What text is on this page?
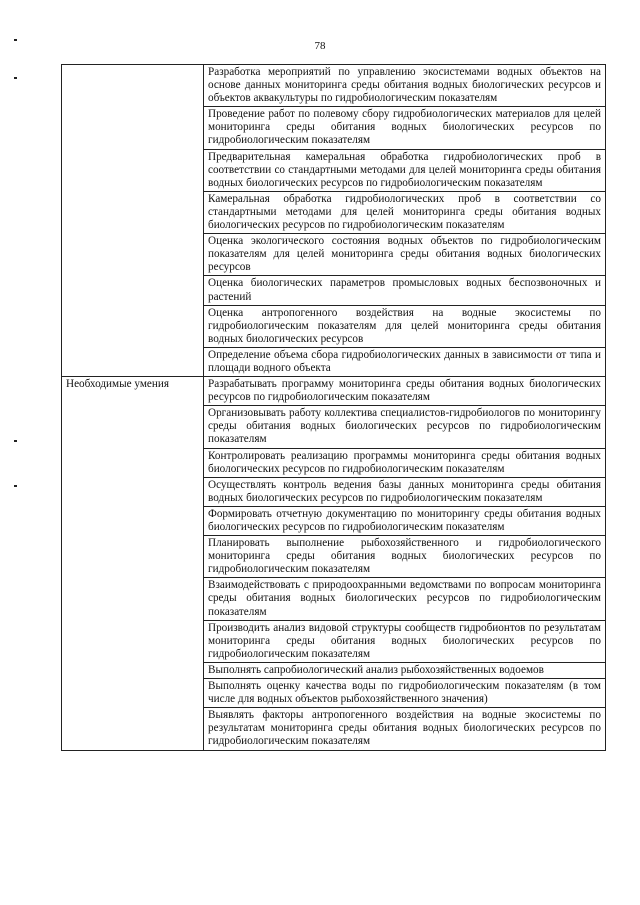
78
	Разработка мероприятий по управлению экосистемами водных объектов на основе данных мониторинга среды обитания водных биологических ресурсов и объектов аквакультуры по гидробиологическим показателям
	Проведение работ по полевому сбору гидробиологических материалов для целей мониторинга среды обитания водных биологических ресурсов по гидробиологическим показателям
	Предварительная камеральная обработка гидробиологических проб в соответствии со стандартными методами для целей мониторинга среды обитания водных биологических ресурсов по гидробиологическим показателям
	Камеральная обработка гидробиологических проб в соответствии со стандартными методами для целей мониторинга среды обитания водных биологических ресурсов по гидробиологическим показателям
	Оценка экологического состояния водных объектов по гидробиологическим показателям для целей мониторинга среды обитания водных биологических ресурсов
	Оценка биологических параметров промысловых водных беспозвоночных и растений
	Оценка антропогенного воздействия на водные экосистемы по гидробиологическим показателям для целей мониторинга среды обитания водных биологических ресурсов
	Определение объема сбора гидробиологических данных в зависимости от типа и площади водного объекта
Необходимые умения	Разрабатывать программу мониторинга среды обитания водных биологических ресурсов по гидробиологическим показателям
	Организовывать работу коллектива специалистов-гидробиологов по мониторингу среды обитания водных биологических ресурсов по гидробиологическим показателям
	Контролировать реализацию программы мониторинга среды обитания водных биологических ресурсов по гидробиологическим показателям
	Осуществлять контроль ведения базы данных мониторинга среды обитания водных биологических ресурсов по гидробиологическим показателям
	Формировать отчетную документацию по мониторингу среды обитания водных биологических ресурсов по гидробиологическим показателям
	Планировать выполнение рыбохозяйственного и гидробиологического мониторинга среды обитания водных биологических ресурсов по гидробиологическим показателям
	Взаимодействовать с природоохранными ведомствами по вопросам мониторинга среды обитания водных биологических ресурсов по гидробиологическим показателям
	Производить анализ видовой структуры сообществ гидробионтов по результатам мониторинга среды обитания водных биологических ресурсов по гидробиологическим показателям
	Выполнять сапробиологический анализ рыбохозяйственных водоемов
	Выполнять оценку качества воды по гидробиологическим показателям (в том числе для водных объектов рыбохозяйственного значения)
	Выявлять факторы антропогенного воздействия на водные экосистемы по результатам мониторинга среды обитания водных биологических ресурсов по гидробиологическим показателям
